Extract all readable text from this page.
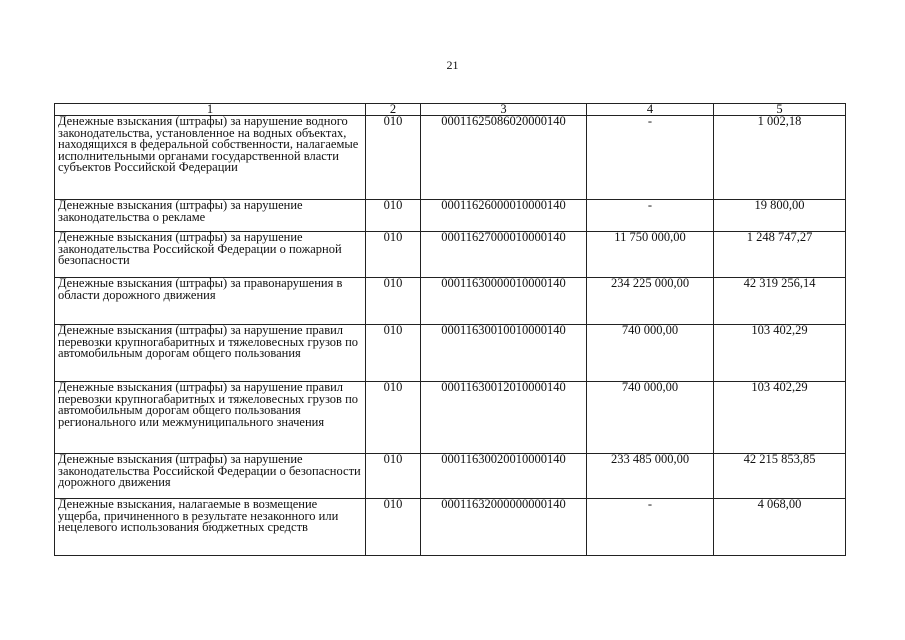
21
1	2	3	4	5
Денежные взыскания (штрафы) за нарушение водного законодательства, установленное на водных объектах, находящихся в федеральной собственности, налагаемые исполнительными органами государственной власти субъектов Российской Федерации	010	00011625086020000140	-	1 002,18
Денежные взыскания (штрафы) за нарушение законодательства о рекламе	010	00011626000010000140	-	19 800,00
Денежные взыскания (штрафы) за нарушение законодательства Российской Федерации о пожарной безопасности	010	00011627000010000140	11 750 000,00	1 248 747,27
Денежные взыскания (штрафы) за правонарушения в области дорожного движения	010	00011630000010000140	234 225 000,00	42 319 256,14
Денежные взыскания (штрафы) за нарушение правил перевозки крупногабаритных и тяжеловесных грузов по автомобильным дорогам общего пользования	010	00011630010010000140	740 000,00	103 402,29
Денежные взыскания (штрафы) за нарушение правил перевозки крупногабаритных и тяжеловесных грузов по автомобильным дорогам общего пользования регионального или межмуниципального значения	010	00011630012010000140	740 000,00	103 402,29
Денежные взыскания (штрафы) за нарушение законодательства Российской Федерации о безопасности дорожного движения	010	00011630020010000140	233 485 000,00	42 215 853,85
Денежные взыскания, налагаемые в возмещение ущерба, причиненного в результате незаконного или нецелевого использования бюджетных средств	010	00011632000000000140	-	4 068,00
